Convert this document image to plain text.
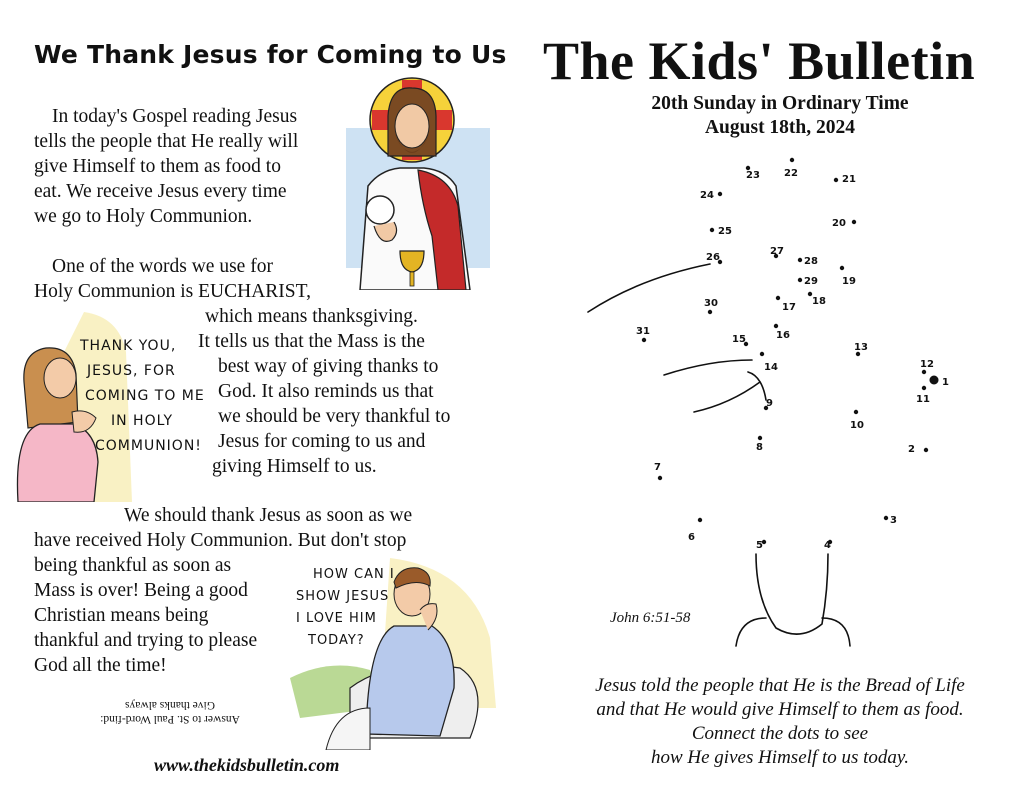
We Thank Jesus for Coming to Us
In today's Gospel reading Jesus
tells the people that He really will
give Himself to them as food to
eat. We receive Jesus every time
we go to Holy Communion.
One of the words we use for
Holy Communion is EUCHARIST,
which means thanksgiving.
It tells us that the Mass is the
best way of giving thanks to
God. It also reminds us that
we should be very thankful to
Jesus for coming to us and
giving Himself to us.
We should thank Jesus as soon as we
have received Holy Communion. But don't stop
being thankful as soon as
Mass is over! Being a good
Christian means being
thankful and trying to please
God all the time!
THANK YOU,
JESUS, FOR
COMING TO ME
IN HOLY
COMMUNION!
HOW CAN I
SHOW JESUS
I LOVE HIM
TODAY?
Answer to St. Paul Word-find:
Give thanks always
www.thekidsbulletin.com
The Kids' Bulletin
20th Sunday in Ordinary Time
August 18th, 2024
1
2
3
4
5
6
7
8
9
10
11
12
13
14
15	16
17
18
19
20
21
22
23
24
25
26
27
28
29
30
31
John 6:51-58
Jesus told the people that He is the Bread of Life
and that He would give Himself to them as food.
Connect the dots to see
how He gives Himself to us today.
